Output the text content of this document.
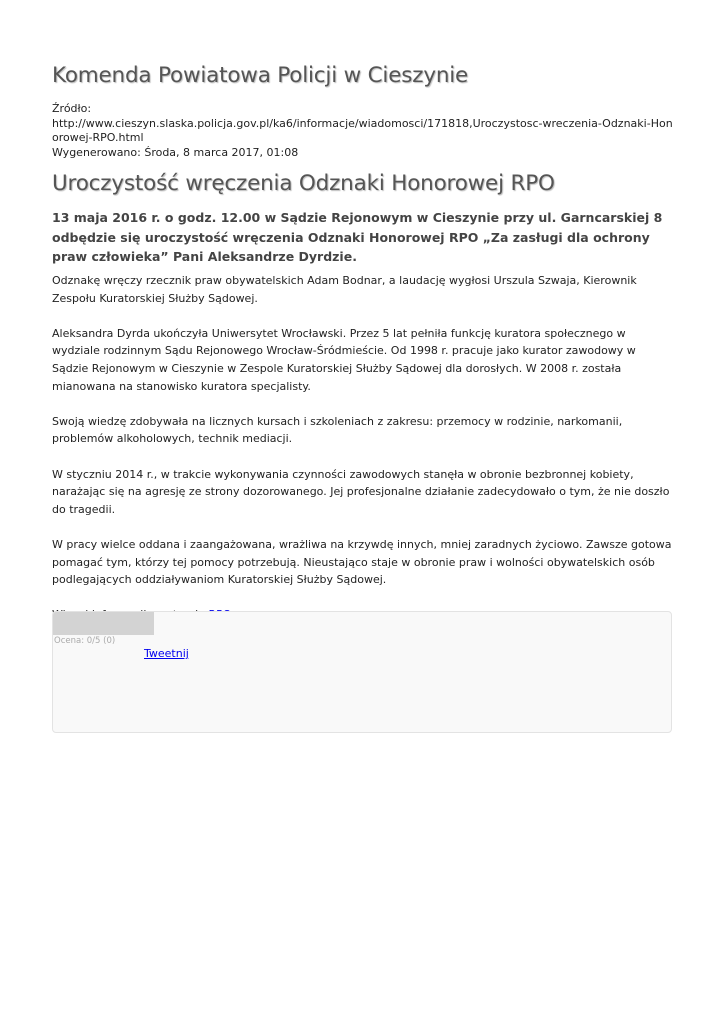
Komenda Powiatowa Policji w Cieszynie
Źródło:
http://www.cieszyn.slaska.policja.gov.pl/ka6/informacje/wiadomosci/171818,Uroczystosc-wreczenia-Odznaki-Honorowej-RPO.html
Wygenerowano: Środa, 8 marca 2017, 01:08
Uroczystość wręczenia Odznaki Honorowej RPO

13 maja 2016 r. o godz. 12.00 w Sądzie Rejonowym w Cieszynie przy ul. Garncarskiej 8 odbędzie się uroczystość wręczenia Odznaki Honorowej RPO „Za zasługi dla ochrony praw człowieka” Pani Aleksandrze Dyrdzie.

Odznakę wręczy rzecznik praw obywatelskich Adam Bodnar, a laudację wygłosi Urszula Szwaja, Kierownik Zespołu Kuratorskiej Służby Sądowej.

Aleksandra Dyrda ukończyła Uniwersytet Wrocławski. Przez 5 lat pełniła funkcję kuratora społecznego w wydziale rodzinnym Sądu Rejonowego Wrocław-Śródmieście. Od 1998 r. pracuje jako kurator zawodowy w Sądzie Rejonowym w Cieszynie w Zespole Kuratorskiej Służby Sądowej dla dorosłych. W 2008 r. została mianowana na stanowisko kuratora specjalisty.

Swoją wiedzę zdobywała na licznych kursach i szkoleniach z zakresu: przemocy w rodzinie, narkomanii, problemów alkoholowych, technik mediacji.

W styczniu 2014 r., w trakcie wykonywania czynności zawodowych stanęła w obronie bezbronnej kobiety, narażając się na agresję ze strony dozorowanego. Jej profesjonalne działanie zadecydowało o tym, że nie doszło do tragedii.

W pracy wielce oddana i zaangażowana, wrażliwa na krzywdę innych, mniej zaradnych życiowo. Zawsze gotowa pomagać tym, którzy tej pomocy potrzebują. Nieustająco staje w obronie praw i wolności obywatelskich osób podlegających oddziaływaniom Kuratorskiej Służby Sądowej.

Ocena: 0/5 (0)
Tweetnij
